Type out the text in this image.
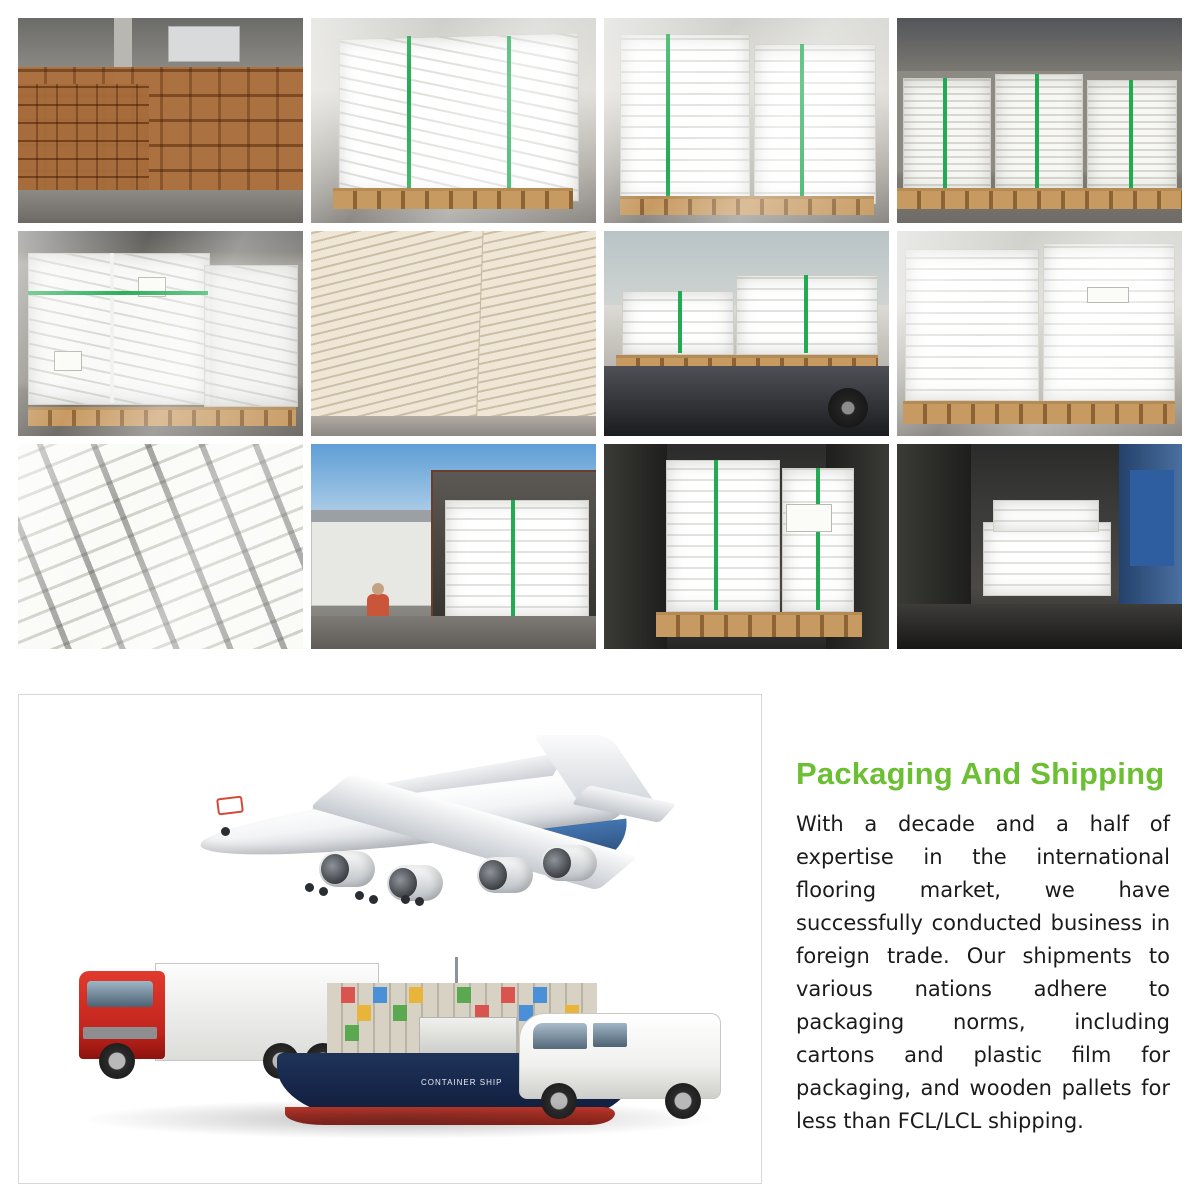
CONTAINER SHIP
Packaging And Shipping

With a decade and a half of expertise in the international flooring market, we have successfully conducted business in foreign trade. Our shipments to various nations adhere to packaging norms, including cartons and plastic film for packaging, and wooden pallets for less than FCL/LCL shipping.
